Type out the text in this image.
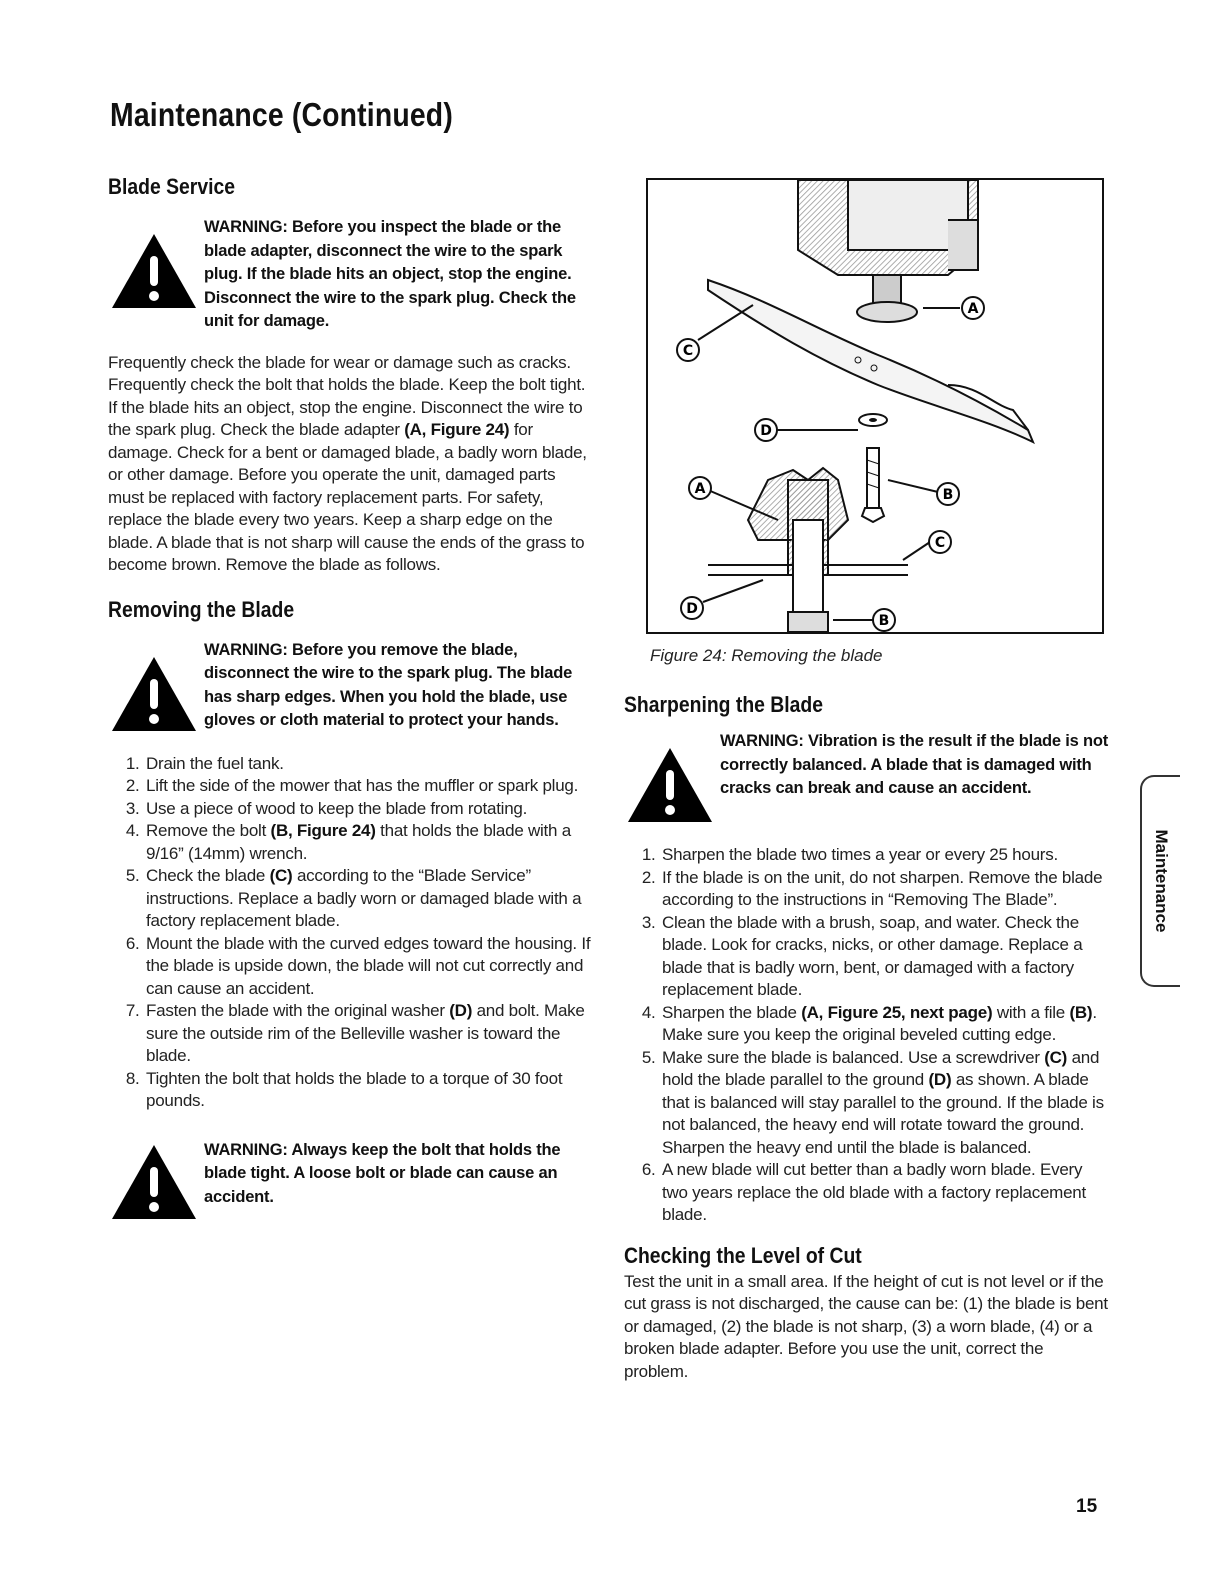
Maintenance (Continued)
Blade Service

WARNING: Before you inspect the blade or the blade adapter, disconnect the wire to the spark plug. If the blade hits an object, stop the engine. Disconnect the wire to the spark plug. Check the unit for damage.

Frequently check the blade for wear or damage such as cracks. Frequently check the bolt that holds the blade. Keep the bolt tight. If the blade hits an object, stop the engine. Disconnect the wire to the spark plug. Check the blade adapter (A, Figure 24) for damage. Check for a bent or damaged blade, a badly worn blade, or other damage. Before you operate the unit, damaged parts must be replaced with factory replacement parts. For safety, replace the blade every two years. Keep a sharp edge on the blade. A blade that is not sharp will cause the ends of the grass to become brown. Remove the blade as follows.

Removing the Blade

WARNING: Before you remove the blade, disconnect the wire to the spark plug. The blade has sharp edges. When you hold the blade, use gloves or cloth material to protect your hands.

1. Drain the fuel tank.
2. Lift the side of the mower that has the muffler or spark plug.
3. Use a piece of wood to keep the blade from rotating.
4. Remove the bolt (B, Figure 24) that holds the blade with a 9/16” (14mm) wrench.
5. Check the blade (C) according to the “Blade Service” instructions. Replace a badly worn or damaged blade with a factory replacement blade.
6. Mount the blade with the curved edges toward the housing. If the blade is upside down, the blade will not cut correctly and can cause an accident.
7. Fasten the blade with the original washer (D) and bolt. Make sure the outside rim of the Belleville washer is toward the blade.
8. Tighten the bolt that holds the blade to a torque of 30 foot pounds.

WARNING: Always keep the bolt that holds the blade tight. A loose bolt or blade can cause an accident.

A
C
D
A	B
C
D
B

Figure 24: Removing the blade

Sharpening the Blade

WARNING: Vibration is the result if the blade is not correctly balanced. A blade that is damaged with cracks can break and cause an accident.

1. Sharpen the blade two times a year or every 25 hours.
2. If the blade is on the unit, do not sharpen. Remove the blade according to the instructions in “Removing The Blade”.
3. Clean the blade with a brush, soap, and water. Check the blade. Look for cracks, nicks, or other damage. Replace a blade that is badly worn, bent, or damaged with a factory replacement blade.
4. Sharpen the blade (A, Figure 25, next page) with a file (B). Make sure you keep the original beveled cutting edge.
5. Make sure the blade is balanced. Use a screwdriver (C) and hold the blade parallel to the ground (D) as shown. A blade that is balanced will stay parallel to the ground. If the blade is not balanced, the heavy end will rotate toward the ground. Sharpen the heavy end until the blade is balanced.
6. A new blade will cut better than a badly worn blade. Every two years replace the old blade with a factory replacement blade.
Checking the Level of Cut

Test the unit in a small area. If the height of cut is not level or if the cut grass is not discharged, the cause can be: (1) the blade is bent or damaged, (2) the blade is not sharp, (3) a worn blade, (4) or a broken blade adapter. Before you use the unit, correct the problem.

Maintenance

15
